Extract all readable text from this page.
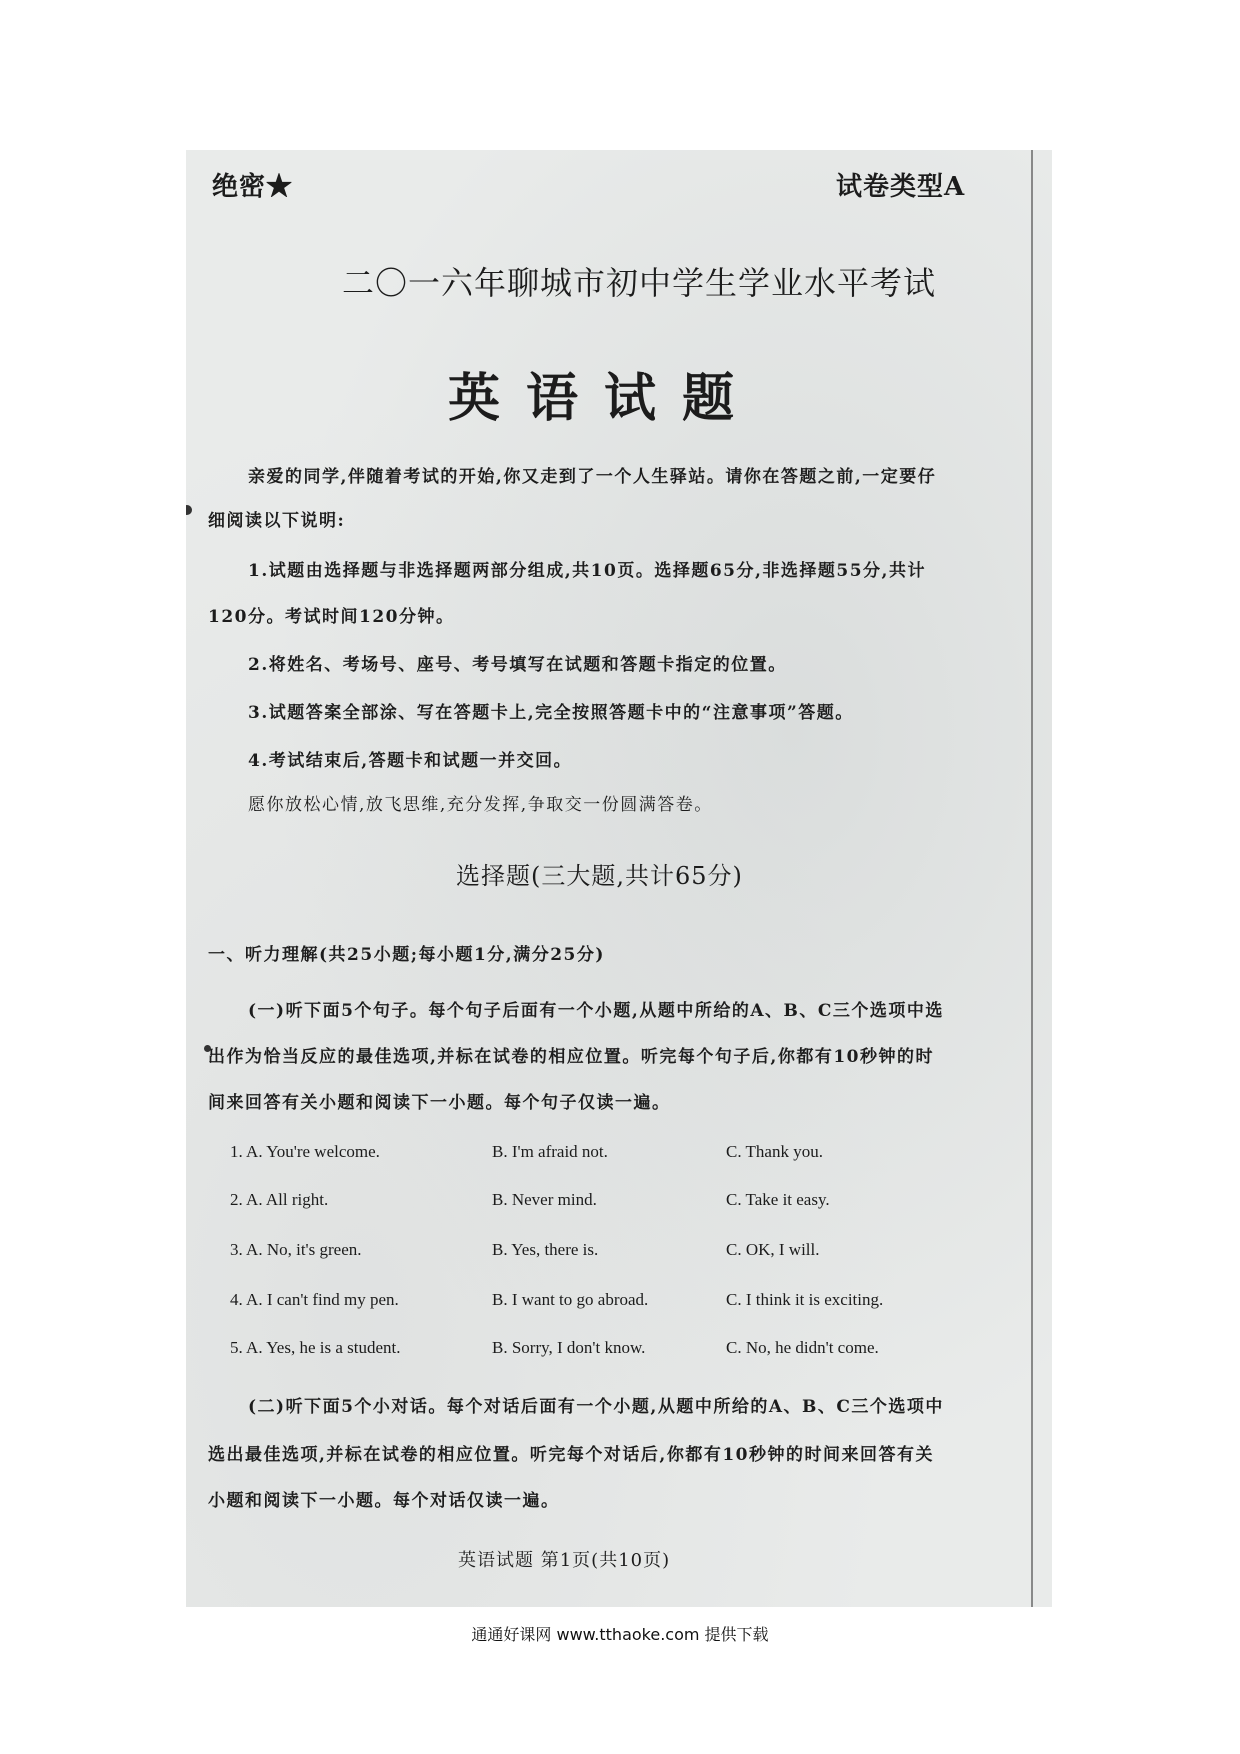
绝密★	试卷类型A
二〇一六年聊城市初中学生学业水平考试
英语试题
亲爱的同学,伴随着考试的开始,你又走到了一个人生驿站。请你在答题之前,一定要仔
细阅读以下说明:
1.试题由选择题与非选择题两部分组成,共10页。选择题65分,非选择题55分,共计
120分。考试时间120分钟。
2.将姓名、考场号、座号、考号填写在试题和答题卡指定的位置。
3.试题答案全部涂、写在答题卡上,完全按照答题卡中的“注意事项”答题。
4.考试结束后,答题卡和试题一并交回。
愿你放松心情,放飞思维,充分发挥,争取交一份圆满答卷。
选择题(三大题,共计65分)
一、听力理解(共25小题;每小题1分,满分25分)
(一)听下面5个句子。每个句子后面有一个小题,从题中所给的A、B、C三个选项中选
出作为恰当反应的最佳选项,并标在试卷的相应位置。听完每个句子后,你都有10秒钟的时
间来回答有关小题和阅读下一小题。每个句子仅读一遍。
1. A. You're welcome.	B. I'm afraid not.	C. Thank you.
2. A. All right.	B. Never mind.	C. Take it easy.
3. A. No, it's green.	B. Yes, there is.	C. OK, I will.
4. A. I can't find my pen.	B. I want to go abroad.	C. I think it is exciting.
5. A. Yes, he is a student.	B. Sorry, I don't know.	C. No, he didn't come.
(二)听下面5个小对话。每个对话后面有一个小题,从题中所给的A、B、C三个选项中
选出最佳选项,并标在试卷的相应位置。听完每个对话后,你都有10秒钟的时间来回答有关
小题和阅读下一小题。每个对话仅读一遍。
英语试题 第1页(共10页)
通通好课网 www.tthaoke.com 提供下载
